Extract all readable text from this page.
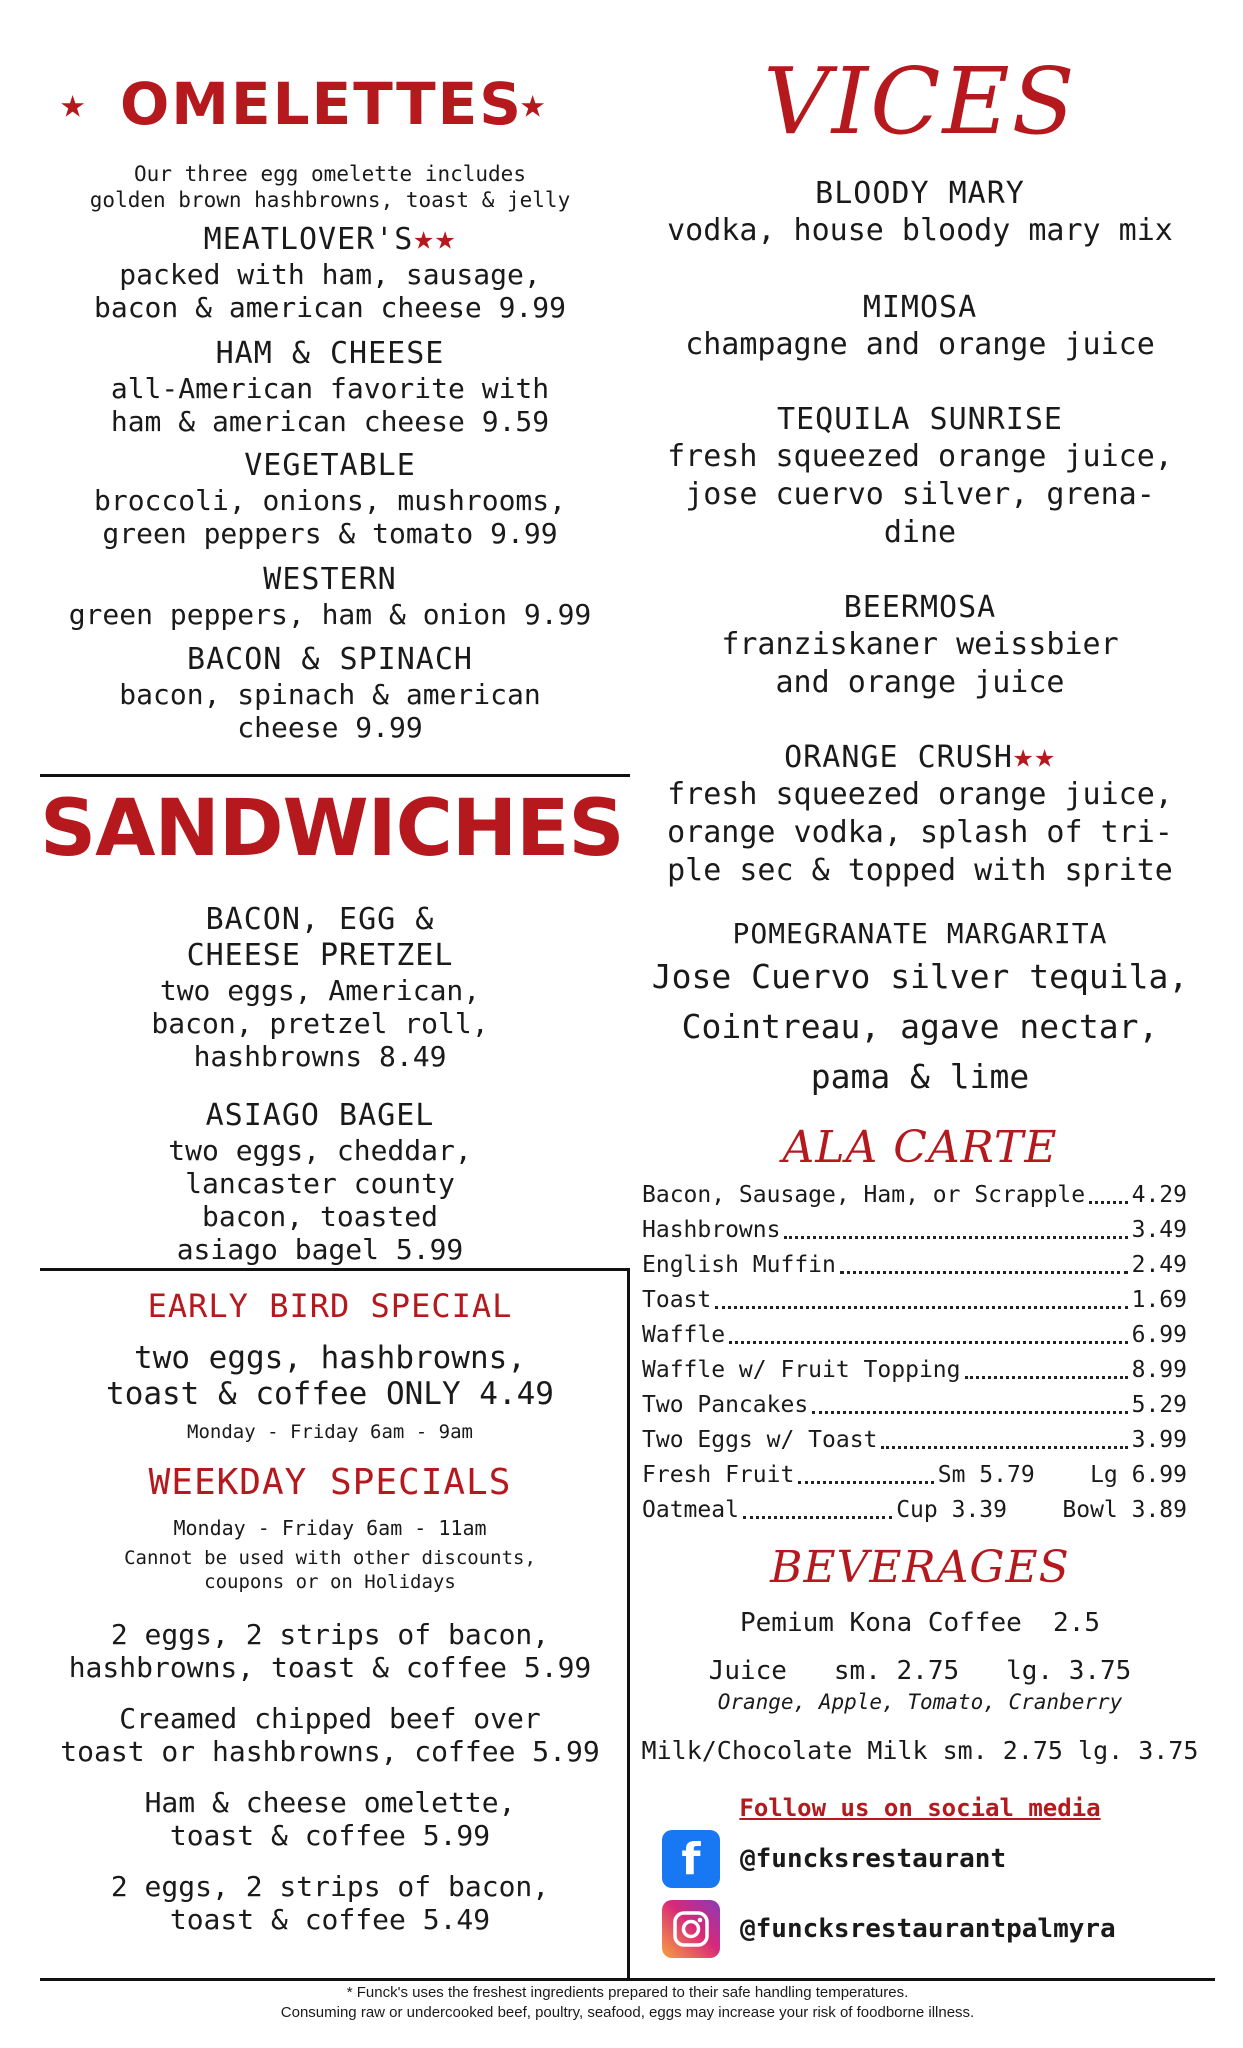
★ OMELETTES
★
Our three egg omelette includes
golden brown hashbrowns, toast & jelly
MEATLOVER'S★★
packed with ham, sausage,
bacon & american cheese 9.99
HAM & CHEESE
all-American favorite with
ham & american cheese 9.59
VEGETABLE
broccoli, onions, mushrooms,
green peppers & tomato 9.99
WESTERN
green peppers, ham & onion 9.99
BACON & SPINACH
bacon, spinach & american
cheese 9.99
SANDWICHES
BACON, EGG &
CHEESE PRETZEL
two eggs, American,
bacon, pretzel roll,
hashbrowns 8.49
ASIAGO BAGEL
two eggs, cheddar,
lancaster county
bacon, toasted
asiago bagel 5.99
EARLY BIRD SPECIAL
two eggs, hashbrowns,
toast & coffee ONLY 4.49
Monday - Friday 6am - 9am
WEEKDAY SPECIALS
Monday - Friday 6am - 11am
Cannot be used with other discounts,
coupons or on Holidays
2 eggs, 2 strips of bacon,
hashbrowns, toast & coffee 5.99
Creamed chipped beef over
toast or hashbrowns, coffee 5.99
Ham & cheese omelette,
toast & coffee 5.99
2 eggs, 2 strips of bacon,
toast & coffee 5.49
VICES
BLOODY MARY
vodka, house bloody mary mix
MIMOSA
champagne and orange juice
TEQUILA SUNRISE
fresh squeezed orange juice,
jose cuervo silver, grena-
dine
BEERMOSA
franziskaner weissbier
and orange juice
ORANGE CRUSH★★
fresh squeezed orange juice,
orange vodka, splash of tri-
ple sec & topped with sprite
POMEGRANATE MARGARITA
Jose Cuervo silver tequila,
Cointreau, agave nectar,
pama & lime
ALA CARTE
Bacon, Sausage, Ham, or Scrapple 4.29
Hashbrowns	3.49
English Muffin	2.49
Toast	1.69
Waffle	6.99
Waffle w/ Fruit Topping	8.99
Two Pancakes	5.29
Two Eggs w/ Toast	3.99
Fresh Fruit	Sm 5.79    Lg 6.99
Oatmeal	Cup 3.39    Bowl 3.89
BEVERAGES
Pemium Kona Coffee  2.5
Juice   sm. 2.75   lg. 3.75
Orange, Apple, Tomato, Cranberry
Milk/Chocolate Milk sm. 2.75 lg. 3.75
Follow us on social media
f @funcksrestaurant
@funcksrestaurantpalmyra
* Funck's uses the freshest ingredients prepared to their safe handling temperatures.
Consuming raw or undercooked beef, poultry, seafood, eggs may increase your risk of foodborne illness.
